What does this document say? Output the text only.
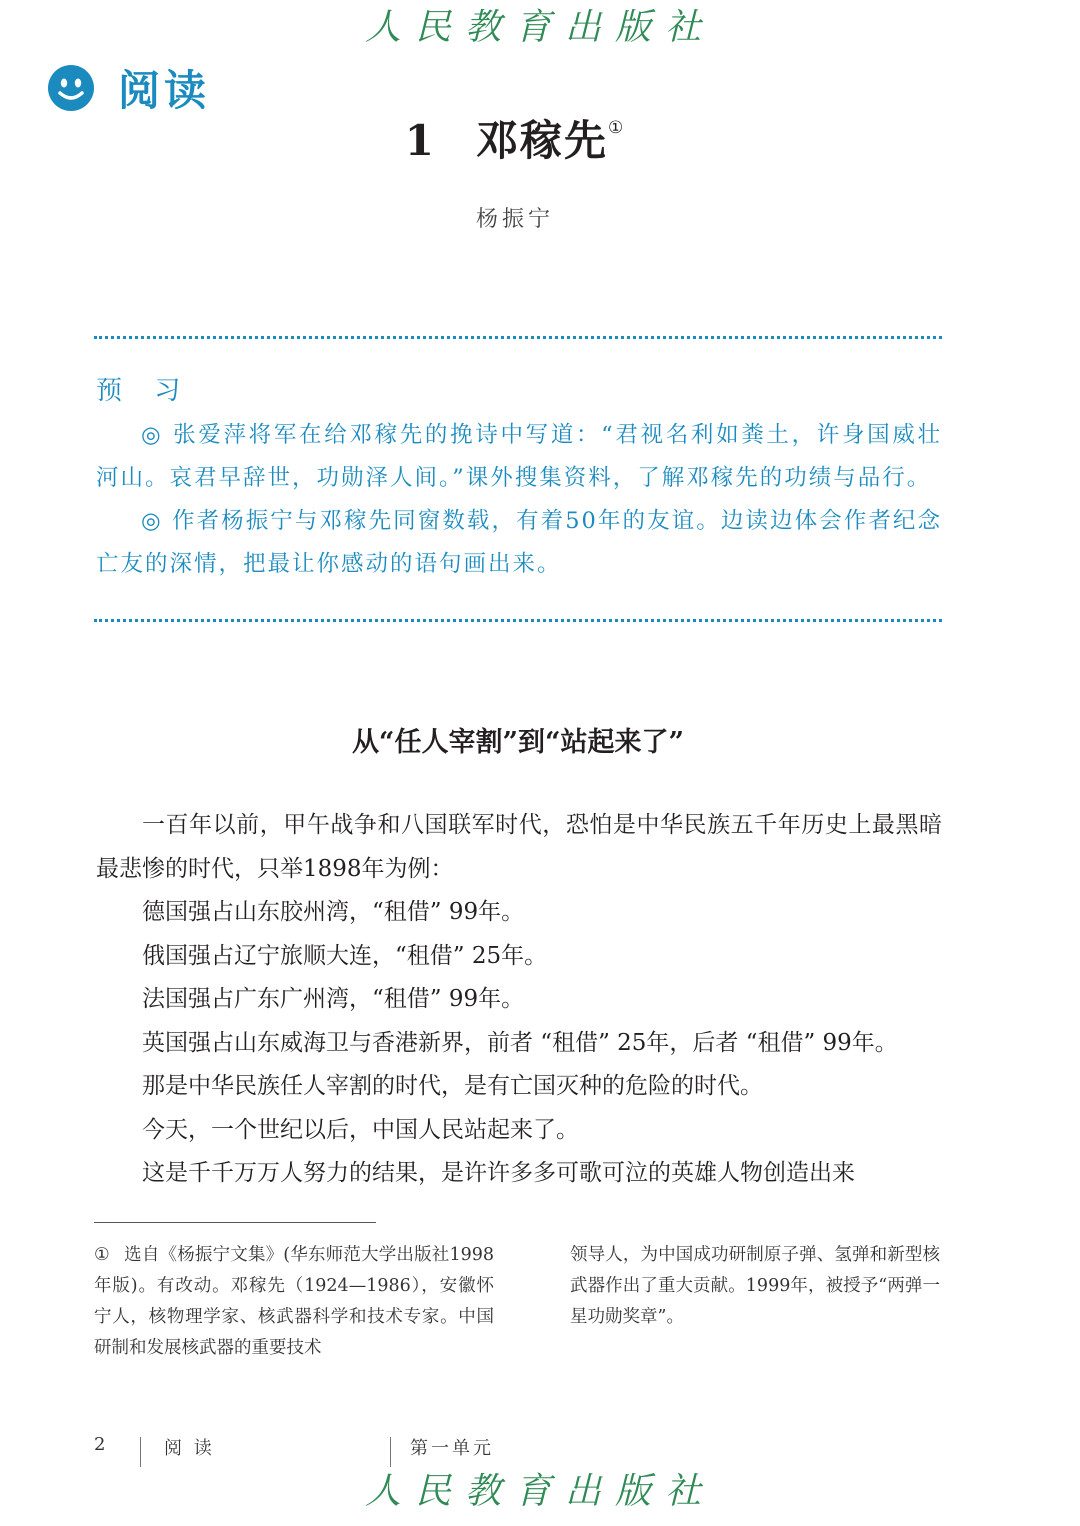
人民教育出版社
阅读
1 邓稼先①
杨振宁
预 习
◎ 张爱萍将军在给邓稼先的挽诗中写道：“君视名利如粪土，许身国威壮河山。哀君早辞世，功勋泽人间。”课外搜集资料，了解邓稼先的功绩与品行。
◎ 作者杨振宁与邓稼先同窗数载，有着50年的友谊。边读边体会作者纪念亡友的深情，把最让你感动的语句画出来。
从“任人宰割”到“站起来了”

一百年以前，甲午战争和八国联军时代，恐怕是中华民族五千年历史上最黑暗最悲惨的时代，只举1898年为例：

德国强占山东胶州湾，“租借” 99年。

俄国强占辽宁旅顺大连，“租借” 25年。

法国强占广东广州湾，“租借” 99年。

英国强占山东威海卫与香港新界，前者 “租借” 25年，后者 “租借” 99年。

那是中华民族任人宰割的时代，是有亡国灭种的危险的时代。

今天，一个世纪以后，中国人民站起来了。

这是千千万万人努力的结果，是许许多多可歌可泣的英雄人物创造出来

① 选自《杨振宁文集》(华东师范大学出版社1998年版)。有改动。邓稼先（1924—1986），安徽怀宁人，核物理学家、核武器科学和技术专家。中国研制和发展核武器的重要技术
领导人，为中国成功研制原子弹、氢弹和新型核武器作出了重大贡献。1999年，被授予“两弹一星功勋奖章”。
2	阅 读	第一单元
人民教育出版社
